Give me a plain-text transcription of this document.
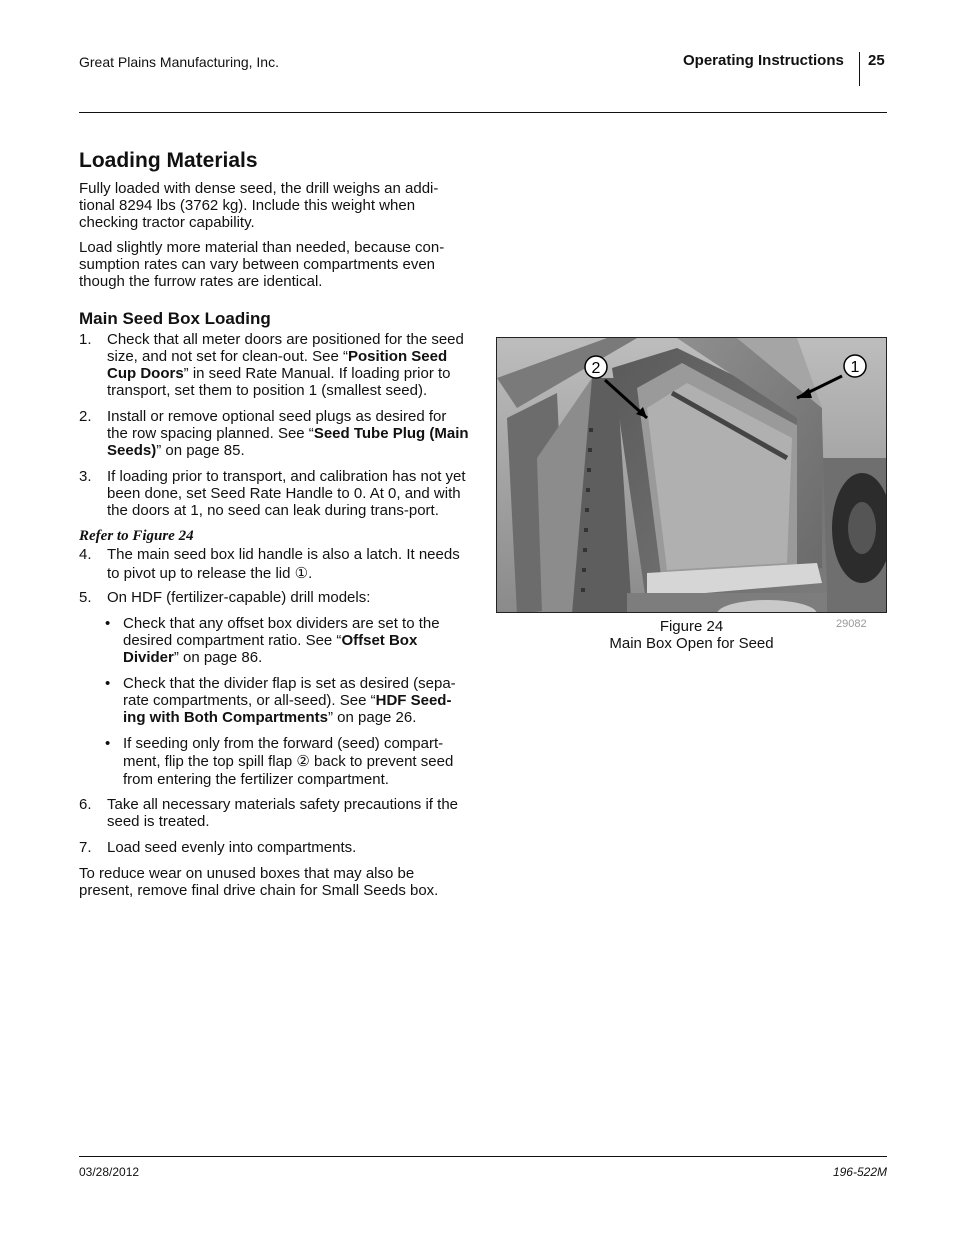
Great Plains Manufacturing, Inc.	Operating Instructions 25
Loading Materials

Fully loaded with dense seed, the drill weighs an addi-tional 8294 lbs (3762 kg). Include this weight when checking tractor capability.

Load slightly more material than needed, because con-sumption rates can vary between compartments even though the furrow rates are identical.

Main Seed Box Loading
1. Check that all meter doors are positioned for the seed size, and not set for clean-out. See “Position Seed Cup Doors” in seed Rate Manual. If loading prior to transport, set them to position 1 (smallest seed).
2. Install or remove optional seed plugs as desired for the row spacing planned. See “Seed Tube Plug (Main Seeds)” on page 85.
3. If loading prior to transport, and calibration has not yet been done, set Seed Rate Handle to 0. At 0, and with the doors at 1, no seed can leak during trans-port.
Refer to Figure 24
4. The main seed box lid handle is also a latch. It needs to pivot up to release the lid ①.
5. On HDF (fertilizer-capable) drill models:
• Check that any offset box dividers are set to the desired compartment ratio. See “Offset Box Divider” on page 86.
• Check that the divider flap is set as desired (sepa-rate compartments, or all-seed). See “HDF Seed-ing with Both Compartments” on page 26.
• If seeding only from the forward (seed) compart-ment, flip the top spill flap ② back to prevent seed from entering the fertilizer compartment.
6. Take all necessary materials safety precautions if the seed is treated.
7. Load seed evenly into compartments.

To reduce wear on unused boxes that may also be present, remove final drive chain for Small Seeds box.

2	1
Figure 24
Main Box Open for Seed
29082
03/28/2012	196-522M
